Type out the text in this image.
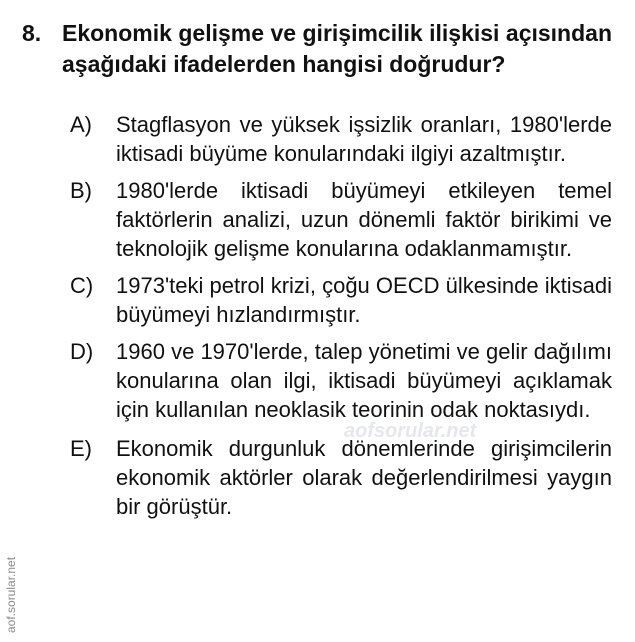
8. Ekonomik gelişme ve girişimcilik ilişkisi açısından aşağıdaki ifadelerden hangisi doğrudur?
A)	Stagflasyon ve yüksek işsizlik oranları, 1980'lerde iktisadi büyüme konularındaki ilgiyi azaltmıştır.
B)	1980'lerde iktisadi büyümeyi etkileyen temel faktörlerin analizi, uzun dönemli faktör birikimi ve teknolojik gelişme konularına odaklanmamıştır.
C)	1973'teki petrol krizi, çoğu OECD ülkesinde iktisadi büyümeyi hızlandırmıştır.
D)	1960 ve 1970'lerde, talep yönetimi ve gelir dağılımı konularına olan ilgi, iktisadi büyümeyi açıklamak için kullanılan neoklasik teorinin odak noktasıydı.
E)	Ekonomik durgunluk dönemlerinde girişimcilerin ekonomik aktörler olarak değerlendirilmesi yaygın bir görüştür.
aofsorular.net
aof.sorular.net
